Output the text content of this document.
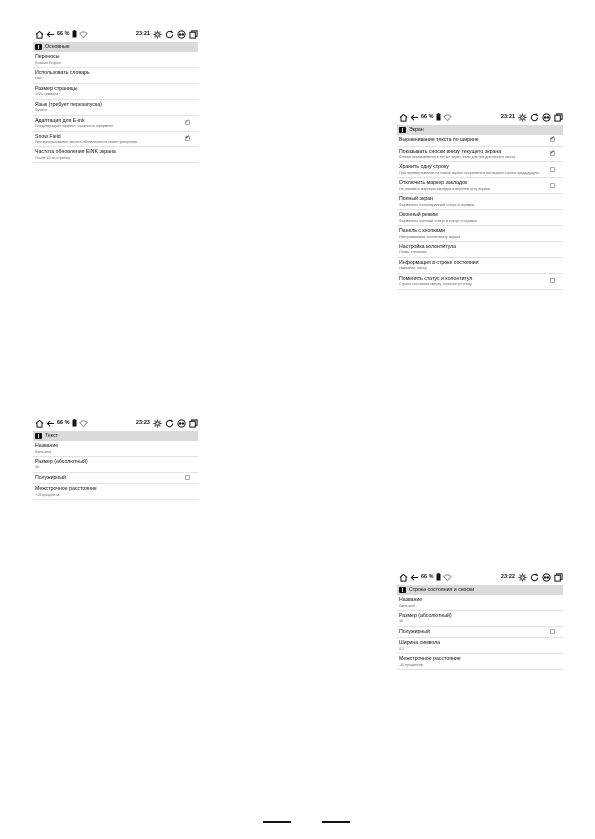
66 %	23:21
Основные
Переносы
Russian English
Использовать словарь
Dsd
Размер страницы
1024 символа
Язык (требует перезапуска)
System
Адаптация для E-ink
Предотвращает эффект, сложность оформлен
✓
Snow Field
При использовании частота обновления не может ускорения
✓
Частота обновления EINK экрана
После 15-ти страниц
66 %	23:21
Экран
Выравнивание текста по ширине
✓
Показывать сноски внизу текущего экрана
Сноски показываются в тех же экран, если для них достаточно места
✓
Хранить одну строку
При перевертывании на новом экране сохраняется последняя строка предыдущего
Отключить маркер закладок
Не рисовать маркеры закладок в верхнем углу экрана
Полный экран
Формально полноэкранный статус и справка
Оконный режим
Формально оконный статус и статус и справка
Панель с кнопками
Настраиваемая кнопок внизу экрана
Настройка колонтитула
Глава, страницы
Информация в строке состояния
Название, Автор
Поменять статус и колонтитул
Строка состояния сверху, колонтитул снизу
66 %	23:23
Текст
Название
Sans-serif
Размер (абсолютный)
36
Полужирный
Межстрочное расстояние
+15 процентов
66 %	23:22
Строка состояния и сноски
Название
Sans-serif
Размер (абсолютный)
36
Полужирный
Ширина символа
0.2
Межстрочное расстояние
-20 процентов
